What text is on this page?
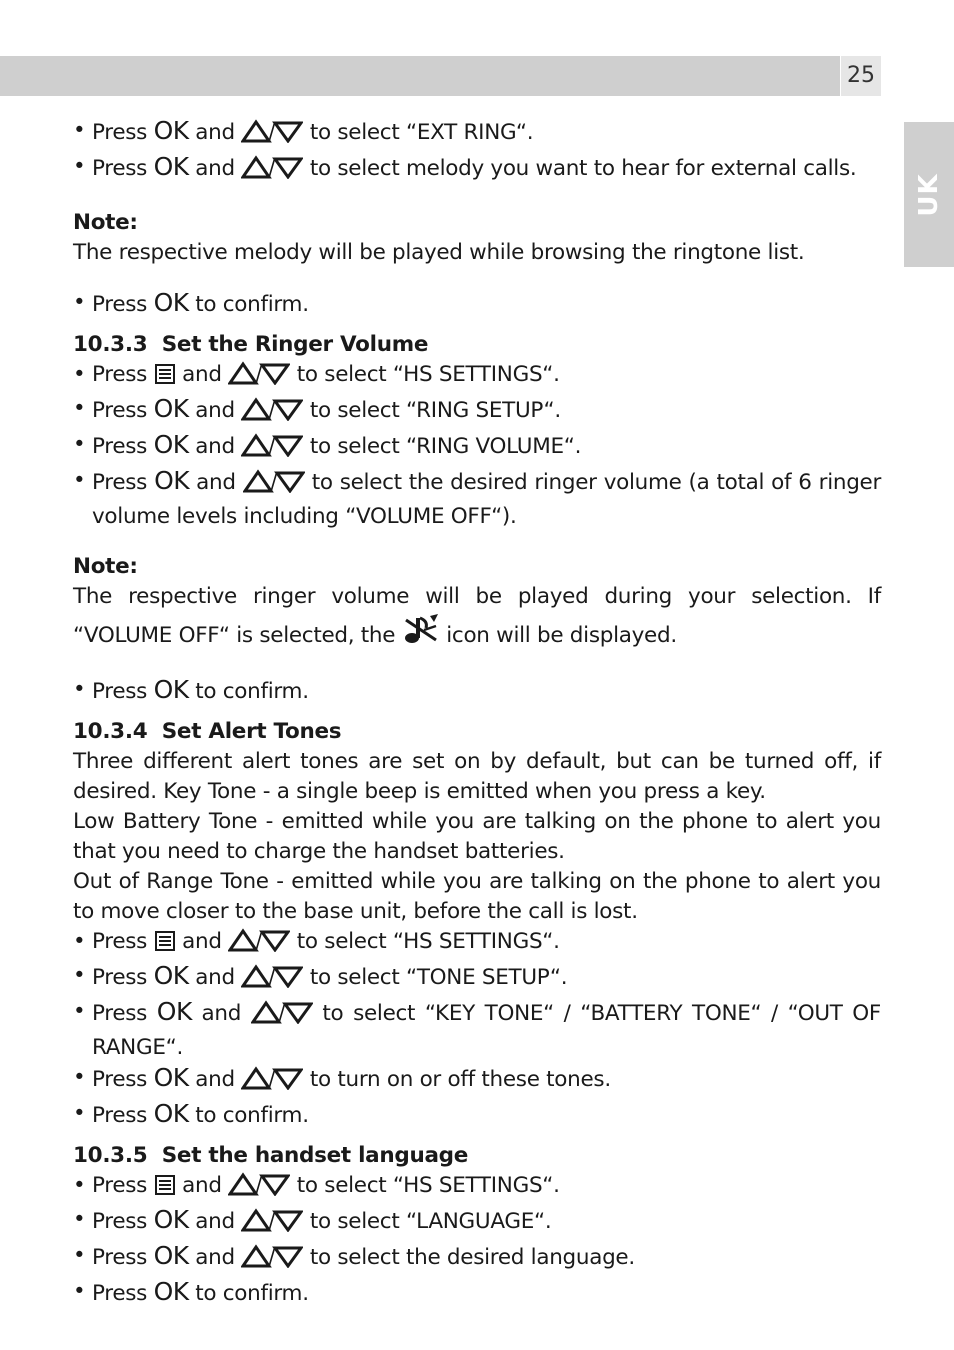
25
UK
• Press OK and	to select “EXT RING“.
• Press OK and	to select melody you want to hear for external calls.
Note:
The respective melody will be played while browsing the ringtone list.
• Press OK to confirm.
10.3.3 Set the Ringer Volume
• Press  and	to select “HS SETTINGS“.
• Press OK and	to select “RING SETUP“.
• Press OK and	to select “RING VOLUME“.
• Press OK and	to select the desired ringer volume (a total of 6 ringer volume levels including “VOLUME OFF“).
Note:
The respective ringer volume will be played during your selection. If “VOLUME OFF“ is selected, the  icon will be displayed.
• Press OK to confirm.
10.3.4 Set Alert Tones
Three different alert tones are set on by default, but can be turned off, if desired. Key Tone - a single beep is emitted when you press a key.
Low Battery Tone - emitted while you are talking on the phone to alert you that you need to charge the handset batteries.
Out of Range Tone - emitted while you are talking on the phone to alert you to move closer to the base unit, before the call is lost.
• Press  and	to select “HS SETTINGS“.
• Press OK and	to select “TONE SETUP“.
• Press OK and	to select “KEY TONE“ / “BATTERY TONE“ / “OUT OF RANGE“.
• Press OK and	to turn on or off these tones.
• Press OK to confirm.
10.3.5 Set the handset language
• Press  and	to select “HS SETTINGS“.
• Press OK and	to select “LANGUAGE“.
• Press OK and	to select the desired language.
• Press OK to confirm.
